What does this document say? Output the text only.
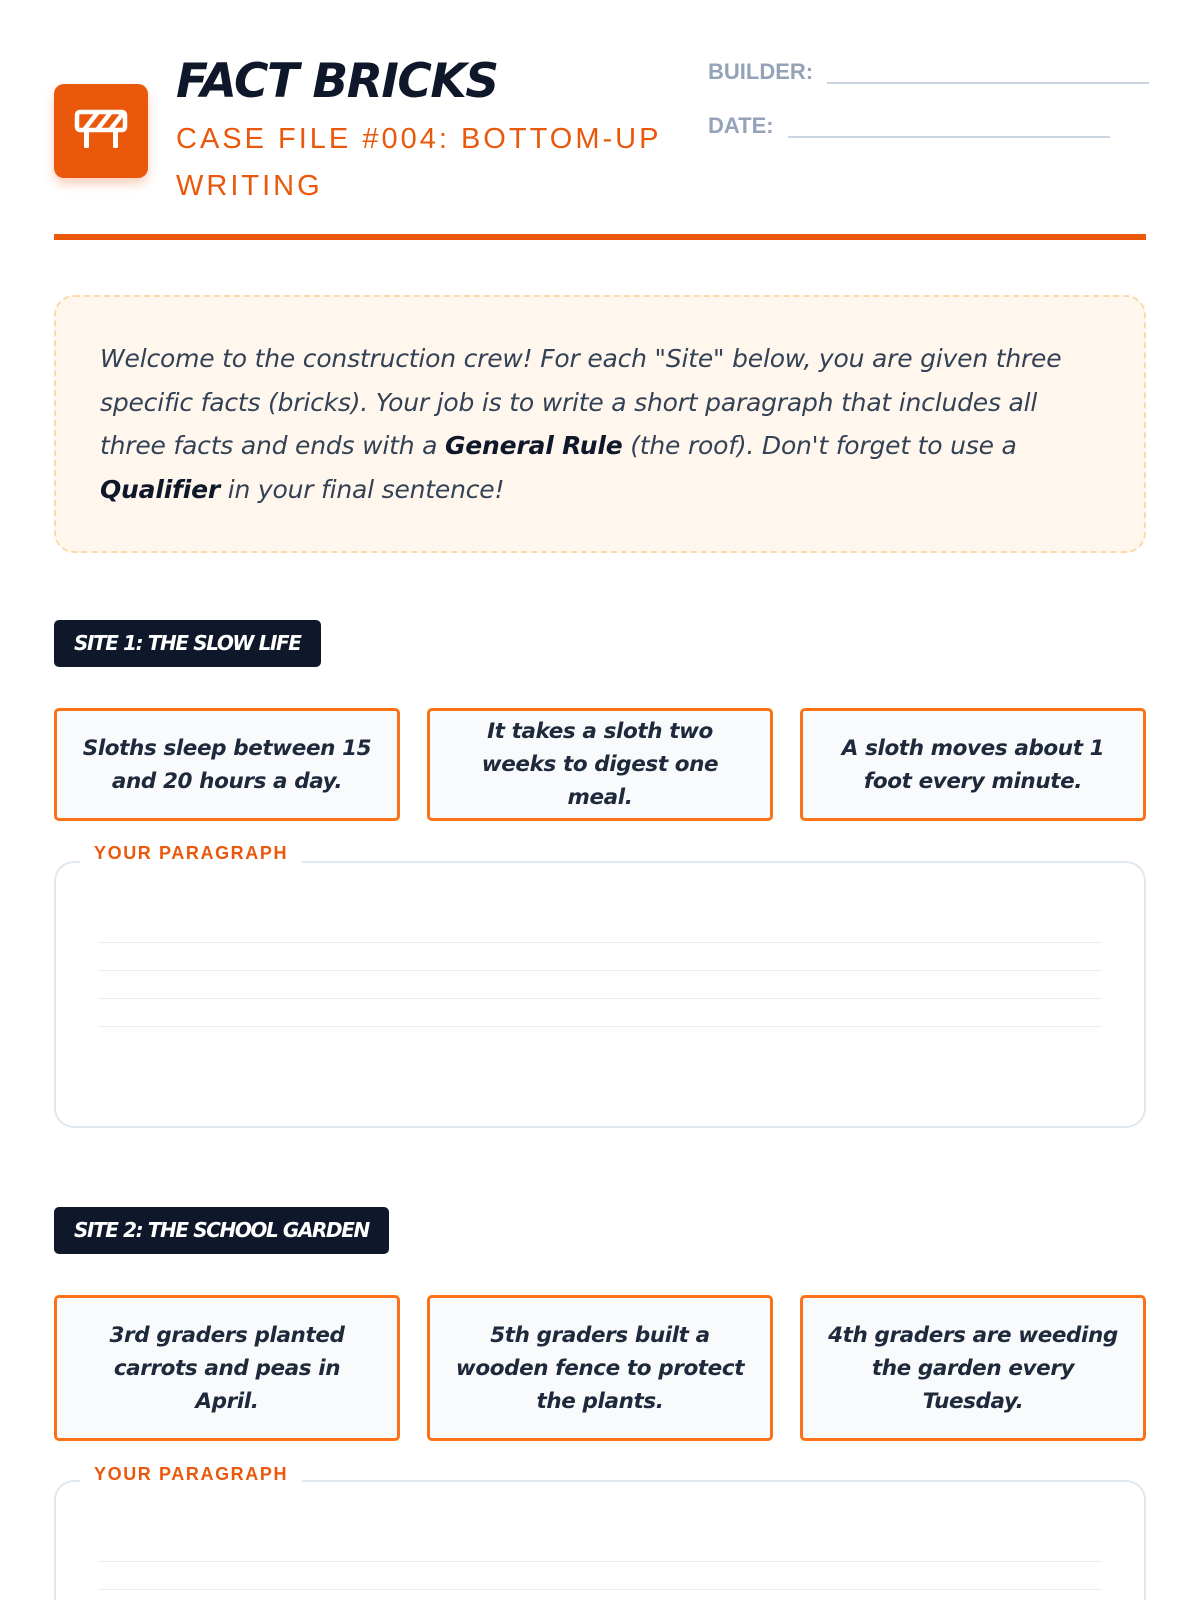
FACT BRICKS
CASE FILE #004: BOTTOM-UP WRITING
BUILDER:
DATE:

Welcome to the construction crew! For each "Site" below, you are given three specific facts (bricks). Your job is to write a short paragraph that includes all three facts and ends with a General Rule (the roof). Don't forget to use a Qualifier in your final sentence!

SITE 1: THE SLOW LIFE
Sloths sleep between 15 and 20 hours a day.
It takes a sloth two weeks to digest one meal.
A sloth moves about 1 foot every minute.
YOUR PARAGRAPH
SITE 2: THE SCHOOL GARDEN
3rd graders planted carrots and peas in April.
5th graders built a wooden fence to protect the plants.
4th graders are weeding the garden every Tuesday.
YOUR PARAGRAPH
